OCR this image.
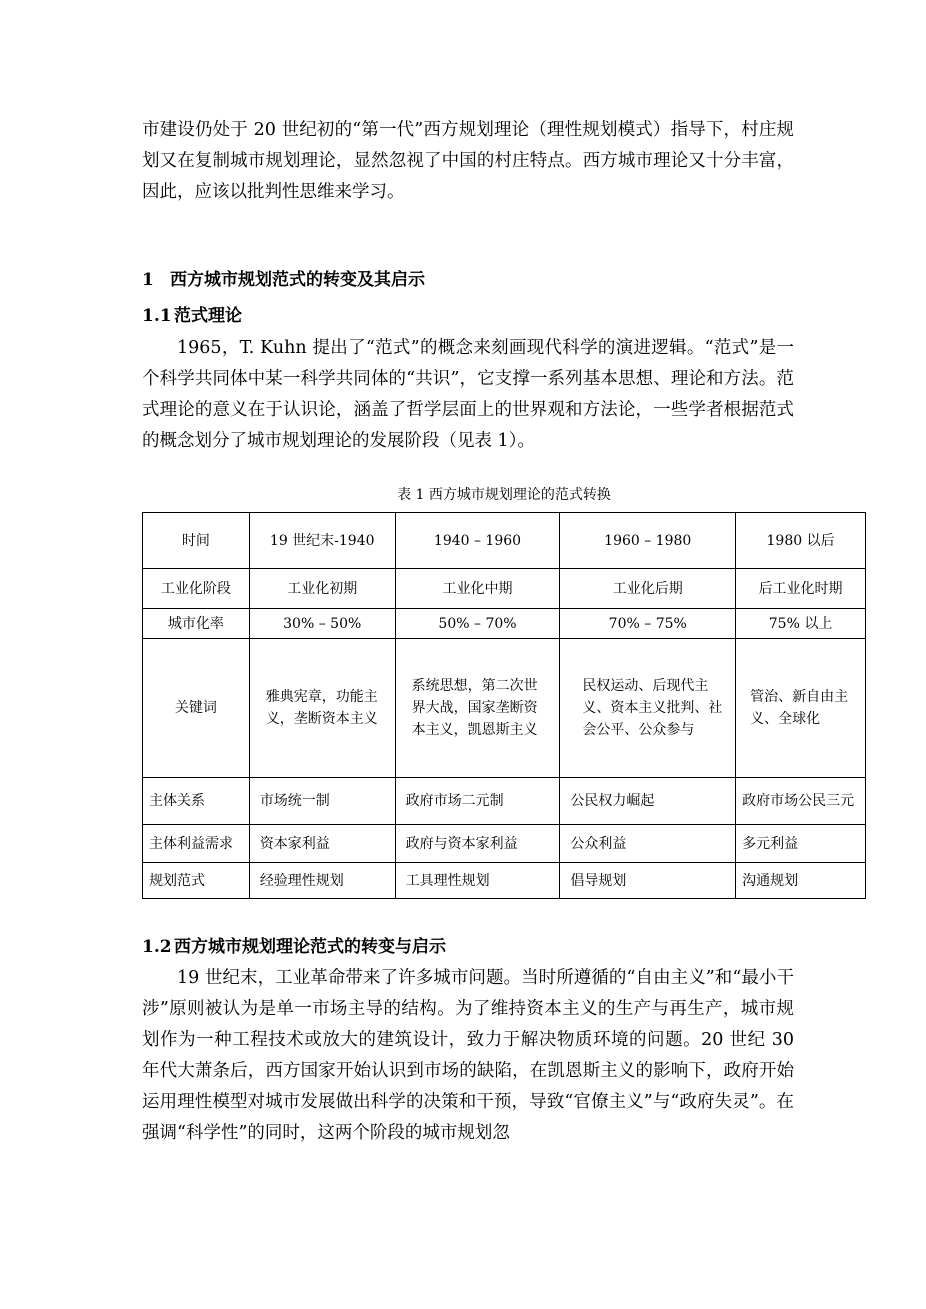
市建设仍处于 20 世纪初的“第一代”西方规划理论（理性规划模式）指导下，村庄规划又在复制城市规划理论，显然忽视了中国的村庄特点。西方城市理论又十分丰富，因此，应该以批判性思维来学习。

1 西方城市规划范式的转变及其启示

1.1 范式理论

1965，T. Kuhn 提出了“范式”的概念来刻画现代科学的演进逻辑。“范式”是一个科学共同体中某一科学共同体的“共识”，它支撑一系列基本思想、理论和方法。范式理论的意义在于认识论，涵盖了哲学层面上的世界观和方法论，一些学者根据范式的概念划分了城市规划理论的发展阶段（见表 1）。

表 1 西方城市规划理论的范式转换

时间	19 世纪末-1940	1940 – 1960	1960 – 1980	1980 以后
工业化阶段	工业化初期	工业化中期	工业化后期	后工业化时期
城市化率	30% – 50%	50% – 70%	70% – 75%	75% 以上
关键词	雅典宪章，功能主义，垄断资本主义	系统思想，第二次世界大战，国家垄断资本主义，凯恩斯主义	民权运动、后现代主义、资本主义批判、社会公平、公众参与	管治、新自由主义、全球化
主体关系	市场统一制	政府市场二元制	公民权力崛起	政府市场公民三元
主体利益需求	资本家利益	政府与资本家利益	公众利益	多元利益
规划范式	经验理性规划	工具理性规划	倡导规划	沟通规划

1.2 西方城市规划理论范式的转变与启示

19 世纪末，工业革命带来了许多城市问题。当时所遵循的“自由主义”和“最小干涉”原则被认为是单一市场主导的结构。为了维持资本主义的生产与再生产，城市规划作为一种工程技术或放大的建筑设计，致力于解决物质环境的问题。20 世纪 30 年代大萧条后，西方国家开始认识到市场的缺陷，在凯恩斯主义的影响下，政府开始运用理性模型对城市发展做出科学的决策和干预，导致“官僚主义”与“政府失灵”。在强调“科学性”的同时，这两个阶段的城市规划忽
